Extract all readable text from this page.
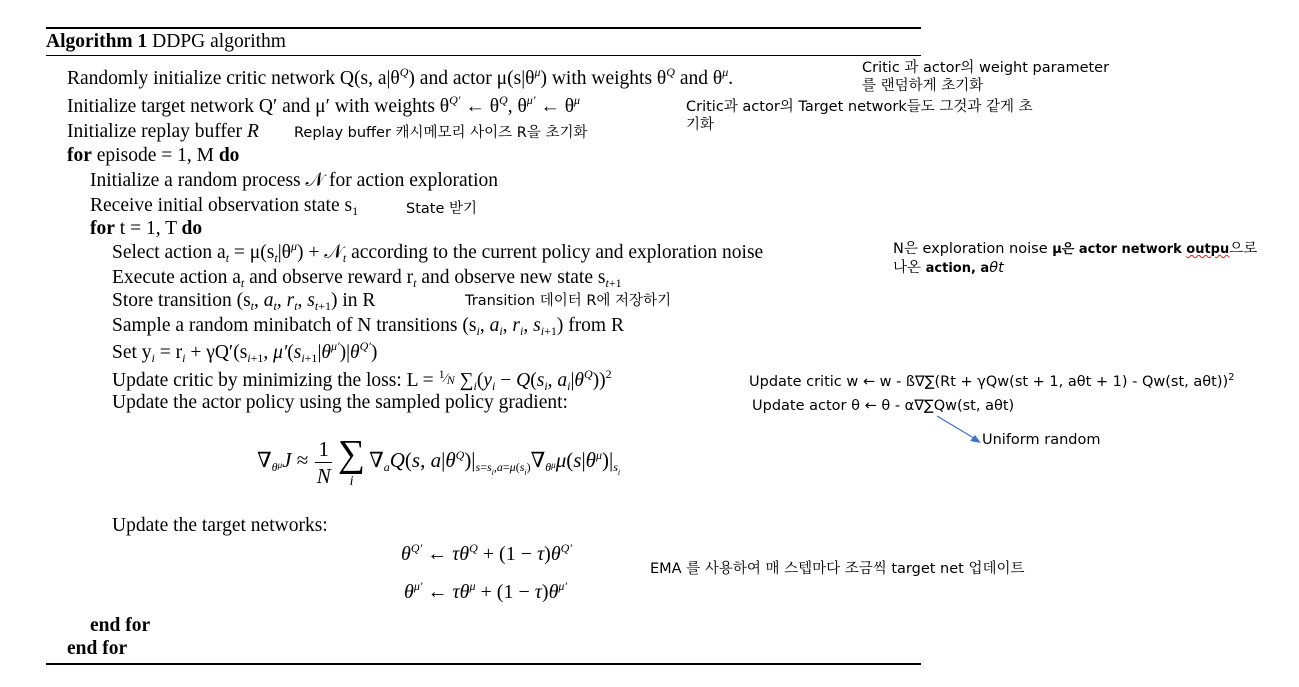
Algorithm 1 DDPG algorithm
Randomly initialize critic network Q(s, $a|\theta^Q$) and actor $\mu(s|\theta^\mu)$ with weights $\theta^Q$ and $\theta^\mu$.
Initialize target network Q′ and μ′ with weights $\theta^{Q'}$ ← $\theta^Q$, $\theta^{\mu'}$ ← $\theta^\mu$
Initialize replay buffer R
for episode = 1, M do
Initialize a random process 𝒩 for action exploration
Receive initial observation state $s_1$
for t = 1, T do
Select action $a_t = \mu(s_t|\theta^\mu)$ + 𝒩$_t$ according to the current policy and exploration noise
Execute action $a_t$ and observe reward $r_t$ and observe new state $s_{t+1}$
Store transition ($s_t$, $a_t$, $r_t$, $s_{t+1}$) in R
Sample a random minibatch of N transitions ($s_i$, $a_i$, $r_i$, $s_{i+1}$) from R
Set $y_i = r_i + \gamma Q'(s_{i+1}$, $\mu'(s_{i+1}|\theta^{\mu'})|\theta^{Q'}$)
Update critic by minimizing the loss: L = $^{^1⁄_N}$ $\sum_i(y_i - Q(s_i$, $a_i|\theta^Q))^2$
Update the actor policy using the sampled policy gradient:
$\nabla_{\theta^\mu}J \approx \frac{1}{N}$ ∑
i
$\nabla_aQ(s$, $a|\theta^Q)|_{s=s_i,a=\mu(s_i)}\nabla_{\theta^\mu}\mu(s|\theta^\mu)|_{s_i}$
Update the target networks:
$\theta^{Q'}$ ← $\tau\theta^Q + (1 - \tau)\theta^{Q'}$
$\theta^{\mu'}$ ← $\tau\theta^\mu + (1 - \tau)\theta^{\mu'}$
end for
end for
Critic 과 actor의 weight parameter
를 랜덤하게 초기화
Critic과 actor의 Target network들도 그것과 같게 초
기화
Replay buffer 캐시메모리 사이즈 R을 초기화
State 받기
N은 exploration noise μ은 actor network outpu으로
나온 action, aθt
Transition 데이터 R에 저장하기
Update critic w ← w - ß∇∑(Rt + γQw(st + 1, aθt + 1) - Qw(st, aθt))$^2$
Update actor θ ← θ - α∇∑Qw(st, aθt)
Uniform random
EMA 를 사용하여 매 스텝마다 조금씩 target net 업데이트
